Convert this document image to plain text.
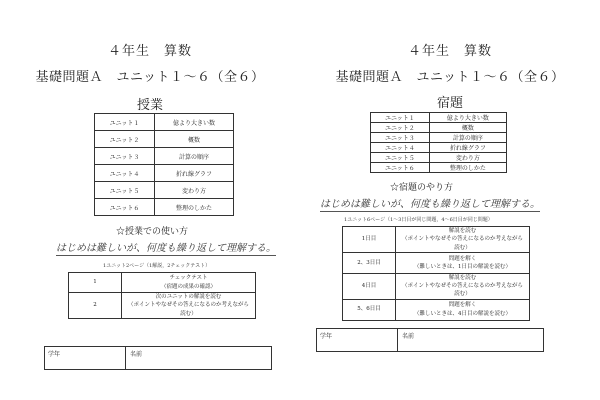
４年生　算数
基礎問題Ａ　ユニット１～６（全６）
授業
ユニット１	億より大きい数
ユニット２	概数
ユニット３	計算の順序
ユニット４	折れ線グラフ
ユニット５	変わり方
ユニット６	整理のしかた
☆授業での使い方
はじめは難しいが、何度も繰り返して理解する。
1ユニット2ページ（1解説，2チェックテスト）
1	チェックテスト
（宿題の成果の確認）

2	次のユニットの解説を読む
（ポイントやなぜその答えになるのか考えながら読む）
学年	名前
４年生　算数
基礎問題Ａ　ユニット１～６（全６）
宿題
ユニット１	億より大きい数
ユニット２	概数
ユニット３	計算の順序
ユニット４	折れ線グラフ
ユニット５	変わり方
ユニット６	整理のしかた
☆宿題のやり方
はじめは難しいが、何度も繰り返して理解する。
1ユニット6ページ（1～3日目が同じ問題，4～6日目が同じ問題）
1日目	解説を読む
（ポイントやなぜその答えになるのか考えながら読む）

2、3日目	問題を解く
（難しいときは、1日目の解説を読む）

4日目	解説を読む
（ポイントやなぜその答えになるのか考えながら読む）

5、6日目	問題を解く
（難しいときは、4日目の解説を読む）
学年	名前
